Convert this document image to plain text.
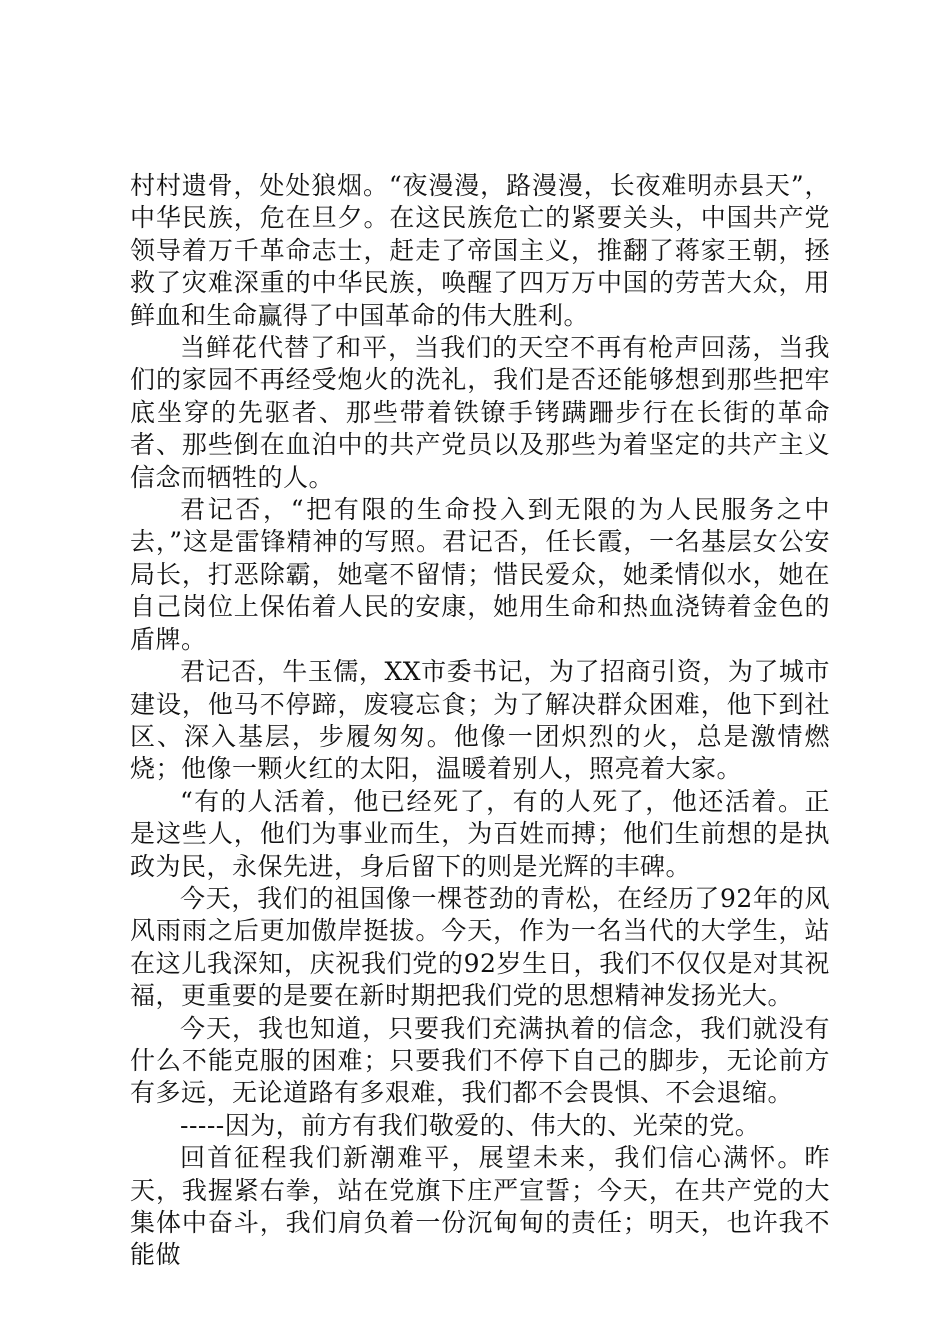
村村遗骨，处处狼烟。“夜漫漫，路漫漫，长夜难明赤县天”，中华民族，危在旦夕。在这民族危亡的紧要关头，中国共产党领导着万千革命志士，赶走了帝国主义，推翻了蒋家王朝，拯救了灾难深重的中华民族，唤醒了四万万中国的劳苦大众，用鲜血和生命赢得了中国革命的伟大胜利。

当鲜花代替了和平，当我们的天空不再有枪声回荡，当我们的家园不再经受炮火的洗礼，我们是否还能够想到那些把牢底坐穿的先驱者、那些带着铁镣手铐蹒跚步行在长街的革命者、那些倒在血泊中的共产党员以及那些为着坚定的共产主义信念而牺牲的人。

君记否，“把有限的生命投入到无限的为人民服务之中去，”这是雷锋精神的写照。君记否，任长霞，一名基层女公安局长，打恶除霸，她毫不留情；惜民爱众，她柔情似水，她在自己岗位上保佑着人民的安康，她用生命和热血浇铸着金色的盾牌。

君记否，牛玉儒，XX市委书记，为了招商引资，为了城市建设，他马不停蹄，废寝忘食；为了解决群众困难，他下到社区、深入基层，步履匆匆。他像一团炽烈的火，总是激情燃烧；他像一颗火红的太阳，温暖着别人，照亮着大家。

“有的人活着，他已经死了，有的人死了，他还活着。正是这些人，他们为事业而生，为百姓而搏；他们生前想的是执政为民，永保先进，身后留下的则是光辉的丰碑。

今天，我们的祖国像一棵苍劲的青松，在经历了92年的风风雨雨之后更加傲岸挺拔。今天，作为一名当代的大学生，站在这儿我深知，庆祝我们党的92岁生日，我们不仅仅是对其祝福，更重要的是要在新时期把我们党的思想精神发扬光大。

今天，我也知道，只要我们充满执着的信念，我们就没有什么不能克服的困难；只要我们不停下自己的脚步，无论前方有多远，无论道路有多艰难，我们都不会畏惧、不会退缩。

-----因为，前方有我们敬爱的、伟大的、光荣的党。

回首征程我们新潮难平，展望未来，我们信心满怀。昨天，我握紧右拳，站在党旗下庄严宣誓；今天，在共产党的大集体中奋斗，我们肩负着一份沉甸甸的责任；明天，也许我不能做
